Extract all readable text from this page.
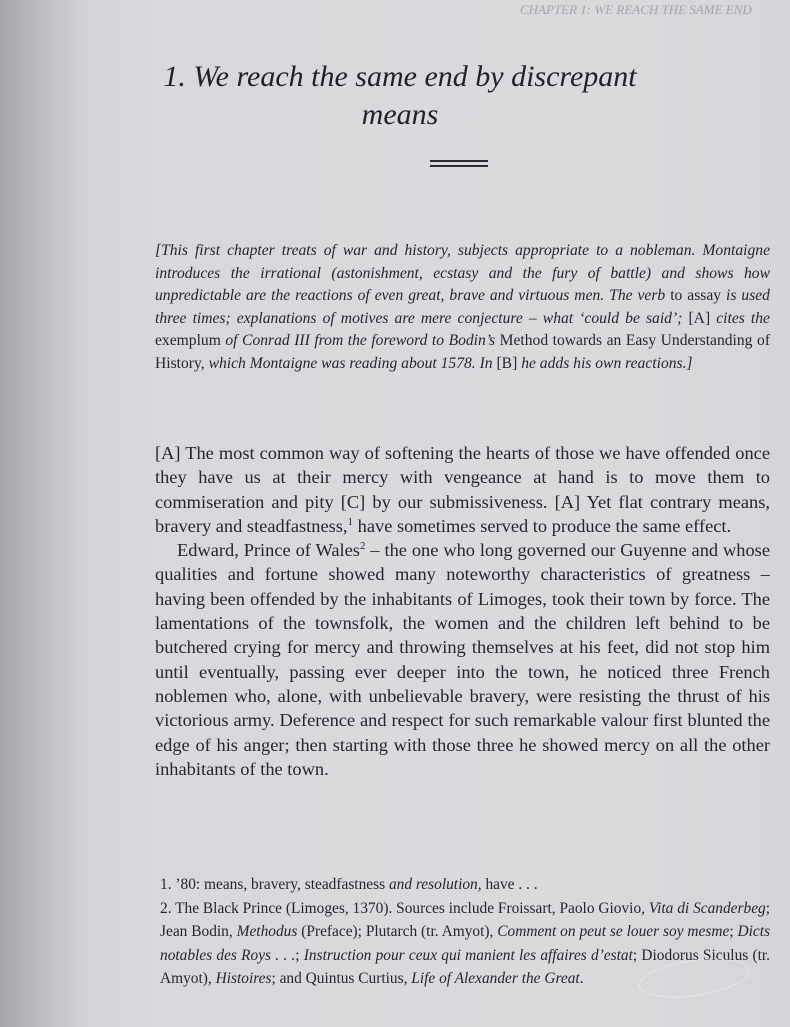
CHAPTER 1: WE REACH THE SAME END
1. We reach the same end by discrepant
means
[This first chapter treats of war and history, subjects appropriate to a nobleman. Montaigne introduces the irrational (astonishment, ecstasy and the fury of battle) and shows how unpredictable are the reactions of even great, brave and virtuous men. The verb to assay is used three times; explanations of motives are mere conjecture – what ‘could be said’; [A] cites the exemplum of Conrad III from the foreword to Bodin’s Method towards an Easy Understanding of History, which Montaigne was reading about 1578. In [B] he adds his own reactions.]

[A] The most common way of softening the hearts of those we have offended once they have us at their mercy with vengeance at hand is to move them to commiseration and pity [C] by our submissiveness. [A] Yet flat contrary means, bravery and steadfastness,$^1$ have sometimes served to produce the same effect.

Edward, Prince of Wales$^2$ – the one who long governed our Guyenne and whose qualities and fortune showed many noteworthy characteristics of greatness – having been offended by the inhabitants of Limoges, took their town by force. The lamentations of the townsfolk, the women and the children left behind to be butchered crying for mercy and throwing themselves at his feet, did not stop him until eventually, passing ever deeper into the town, he noticed three French noblemen who, alone, with unbelievable bravery, were resisting the thrust of his victorious army. Deference and respect for such remarkable valour first blunted the edge of his anger; then starting with those three he showed mercy on all the other inhabitants of the town.

1. ’80: means, bravery, steadfastness and resolution, have . . .

2. The Black Prince (Limoges, 1370). Sources include Froissart, Paolo Giovio, Vita di Scanderbeg; Jean Bodin, Methodus (Preface); Plutarch (tr. Amyot), Comment on peut se louer soy mesme; Dicts notables des Roys . . .; Instruction pour ceux qui manient les affaires d’estat; Diodorus Siculus (tr. Amyot), Histoires; and Quintus Curtius, Life of Alexander the Great.
